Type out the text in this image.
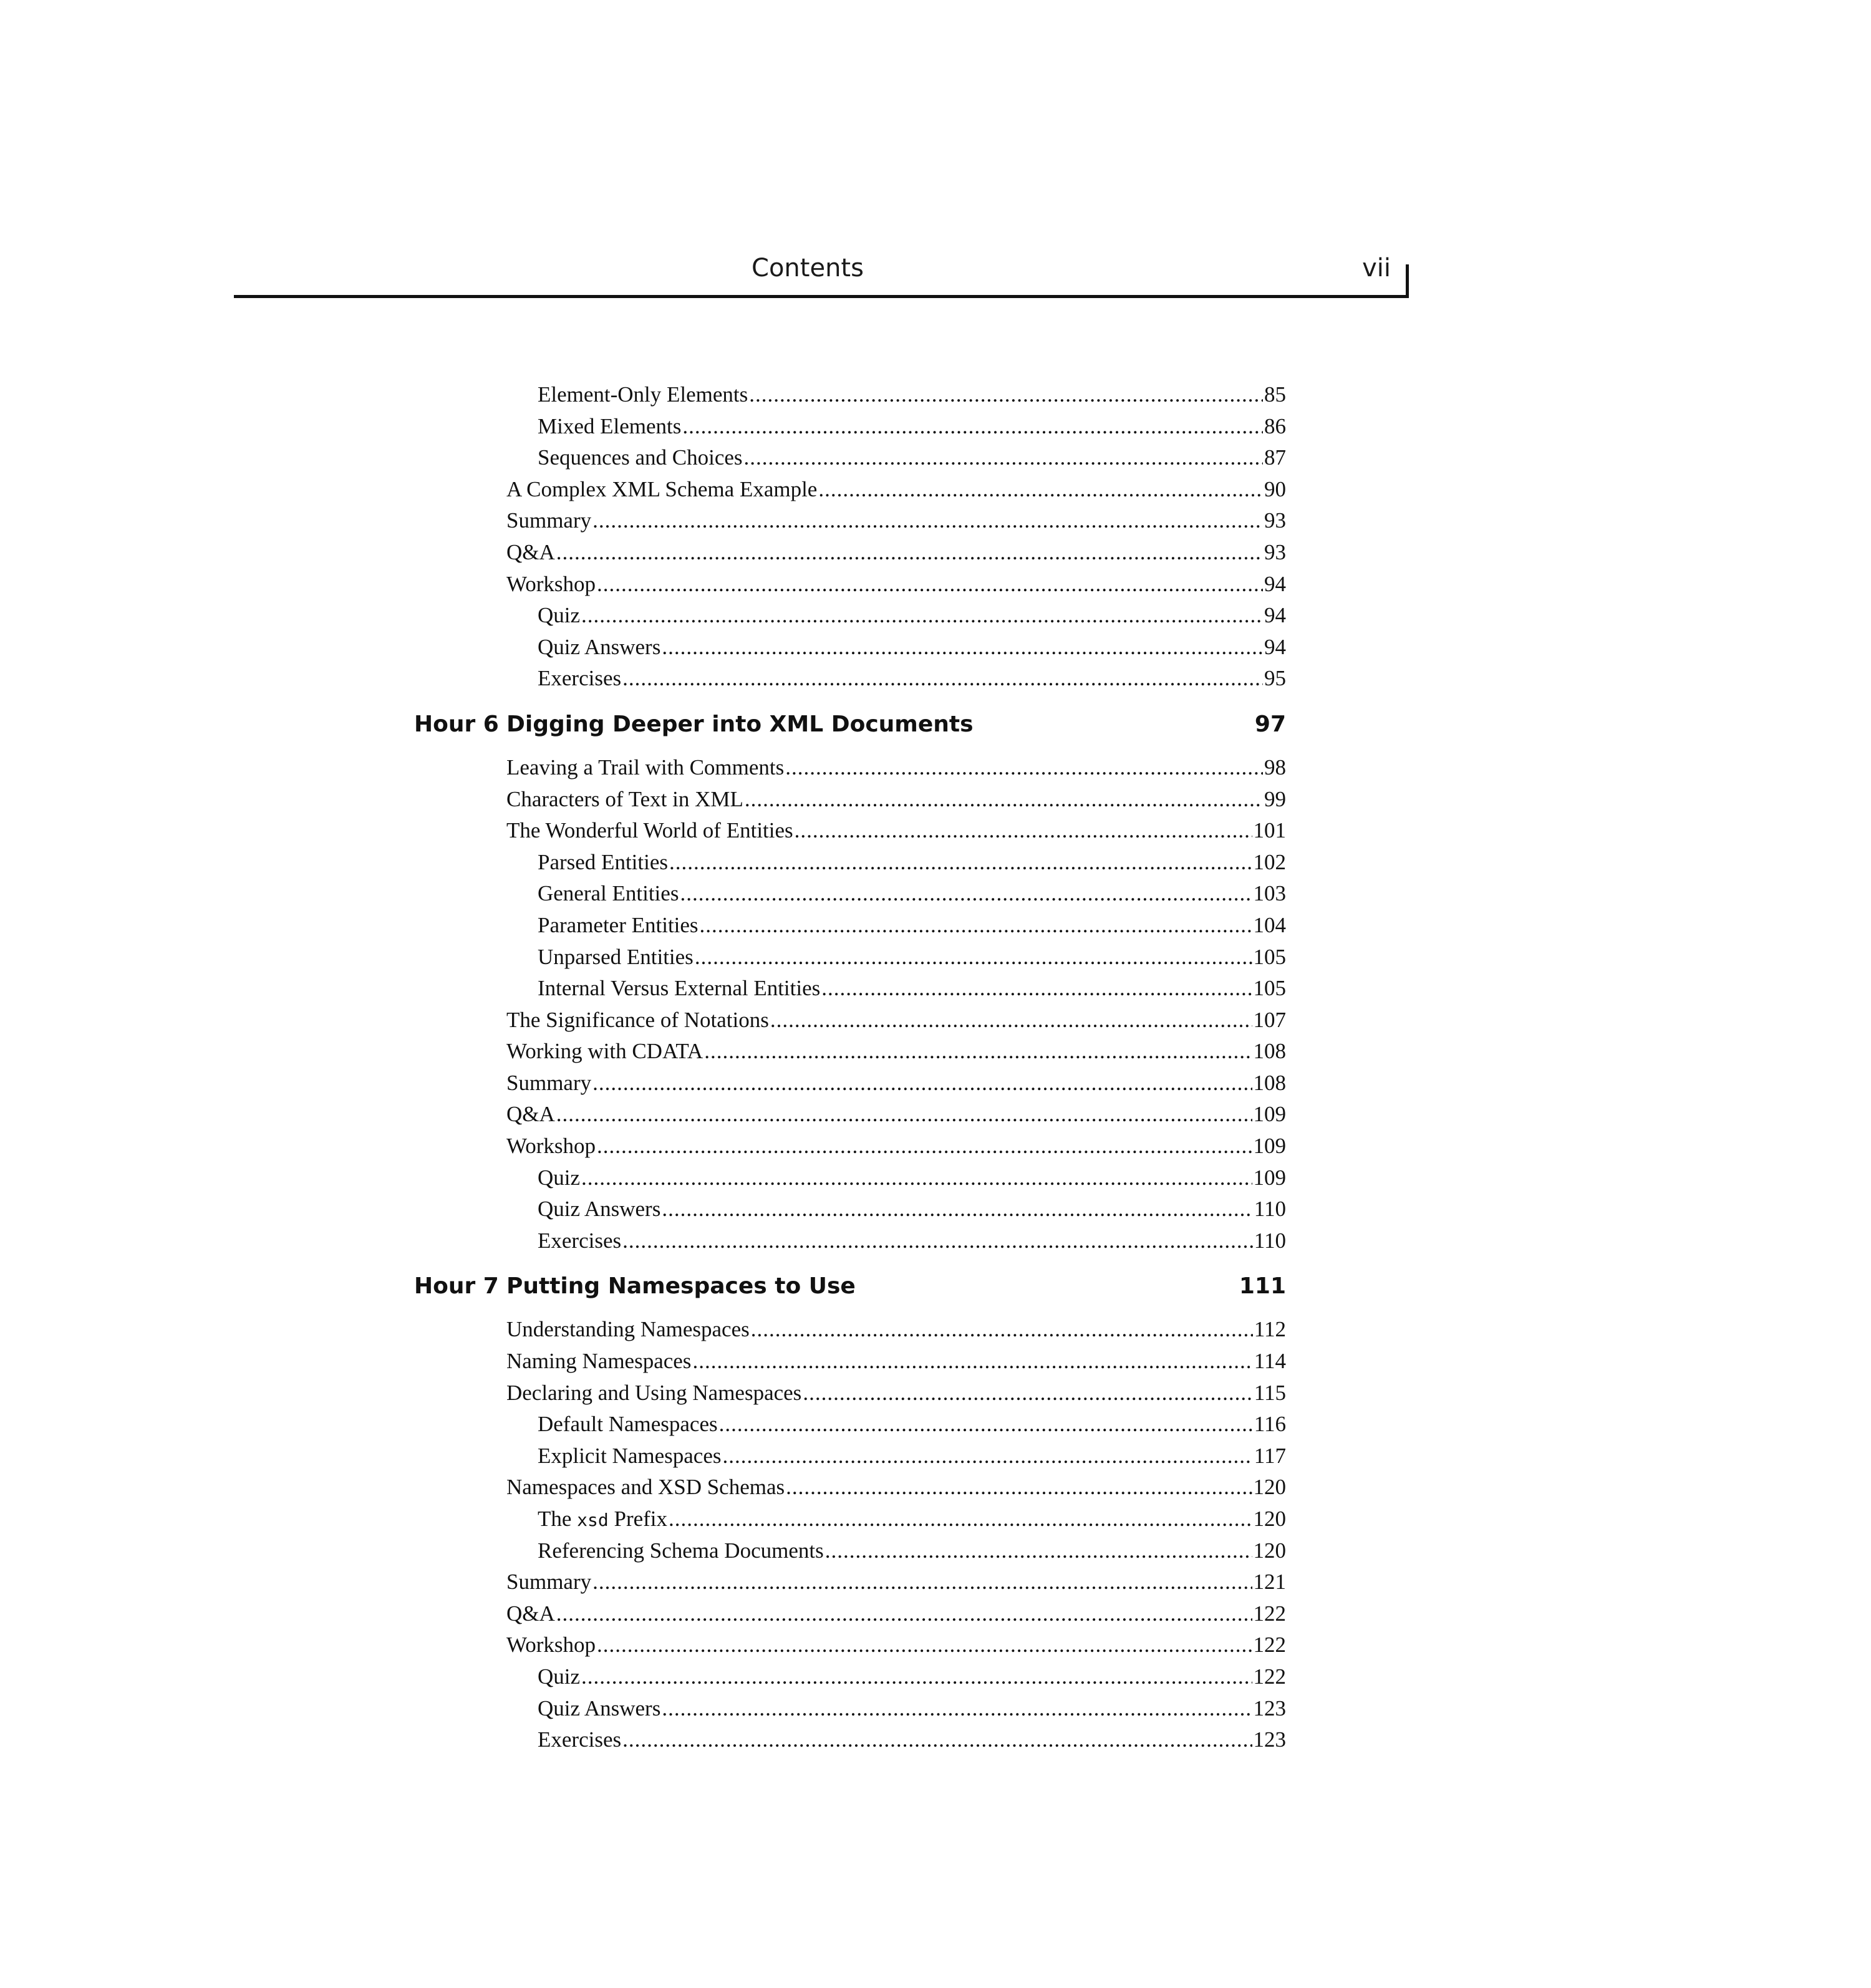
Contents	vii
Element-Only Elements .....	85
Mixed Elements .....	86
Sequences and Choices .....	87
A Complex XML Schema Example .....	90
Summary .....	93
Q&A .....	93
Workshop .....	94
Quiz .....	94
Quiz Answers .....	94
Exercises .....	95
Hour 6 Digging Deeper into XML Documents	97
Leaving a Trail with Comments .....	98
Characters of Text in XML .....	99
The Wonderful World of Entities .....	101
Parsed Entities .....	102
General Entities .....	103
Parameter Entities .....	104
Unparsed Entities .....	105
Internal Versus External Entities .....	105
The Significance of Notations .....	107
Working with CDATA .....	108
Summary .....	108
Q&A .....	109
Workshop .....	109
Quiz .....	109
Quiz Answers .....	110
Exercises .....	110
Hour 7 Putting Namespaces to Use	111
Understanding Namespaces .....	112
Naming Namespaces .....	114
Declaring and Using Namespaces .....	115
Default Namespaces .....	116
Explicit Namespaces .....	117
Namespaces and XSD Schemas .....	120
The xsd Prefix .....	120
Referencing Schema Documents .....	120
Summary .....	121
Q&A .....	122
Workshop .....	122
Quiz .....	122
Quiz Answers .....	123
Exercises .....	123
